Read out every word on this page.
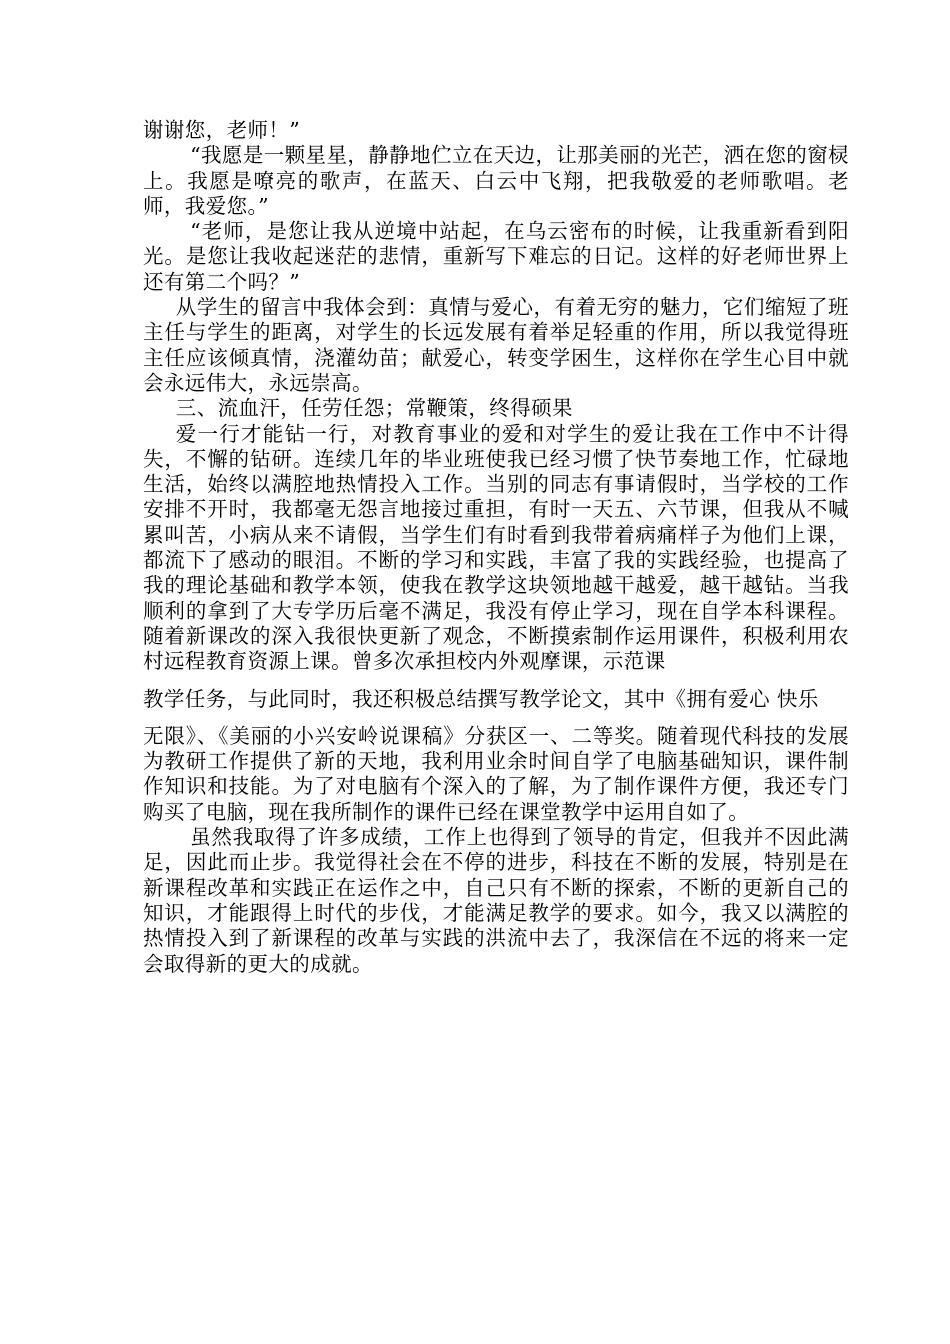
谢谢您，老师！”

“我愿是一颗星星，静静地伫立在天边，让那美丽的光芒，洒在您的窗棂上。我愿是嘹亮的歌声，在蓝天、白云中飞翔，把我敬爱的老师歌唱。老师，我爱您。”

“老师，是您让我从逆境中站起，在乌云密布的时候，让我重新看到阳光。是您让我收起迷茫的悲情，重新写下难忘的日记。这样的好老师世界上还有第二个吗？”

从学生的留言中我体会到：真情与爱心，有着无穷的魅力，它们缩短了班主任与学生的距离，对学生的长远发展有着举足轻重的作用，所以我觉得班主任应该倾真情，浇灌幼苗；献爱心，转变学困生，这样你在学生心目中就会永远伟大，永远崇高。

三、流血汗，任劳任怨；常鞭策，终得硕果

爱一行才能钻一行，对教育事业的爱和对学生的爱让我在工作中不计得失，不懈的钻研。连续几年的毕业班使我已经习惯了快节奏地工作，忙碌地生活，始终以满腔地热情投入工作。当别的同志有事请假时，当学校的工作安排不开时，我都毫无怨言地接过重担，有时一天五、六节课，但我从不喊累叫苦，小病从来不请假，当学生们有时看到我带着病痛样子为他们上课，都流下了感动的眼泪。不断的学习和实践，丰富了我的实践经验，也提高了我的理论基础和教学本领，使我在教学这块领地越干越爱，越干越钻。当我顺利的拿到了大专学历后毫不满足，我没有停止学习，现在自学本科课程。随着新课改的深入我很快更新了观念，不断摸索制作运用课件，积极利用农村远程教育资源上课。曾多次承担校内外观摩课，示范课

教学任务，与此同时，我还积极总结撰写教学论文，其中《拥有爱心 快乐

无限》、《美丽的小兴安岭说课稿》分获区一、二等奖。随着现代科技的发展为教研工作提供了新的天地，我利用业余时间自学了电脑基础知识，课件制作知识和技能。为了对电脑有个深入的了解，为了制作课件方便，我还专门购买了电脑，现在我所制作的课件已经在课堂教学中运用自如了。

虽然我取得了许多成绩，工作上也得到了领导的肯定，但我并不因此满足，因此而止步。我觉得社会在不停的进步，科技在不断的发展，特别是在新课程改革和实践正在运作之中，自己只有不断的探索，不断的更新自己的知识，才能跟得上时代的步伐，才能满足教学的要求。如今，我又以满腔的热情投入到了新课程的改革与实践的洪流中去了，我深信在不远的将来一定会取得新的更大的成就。
